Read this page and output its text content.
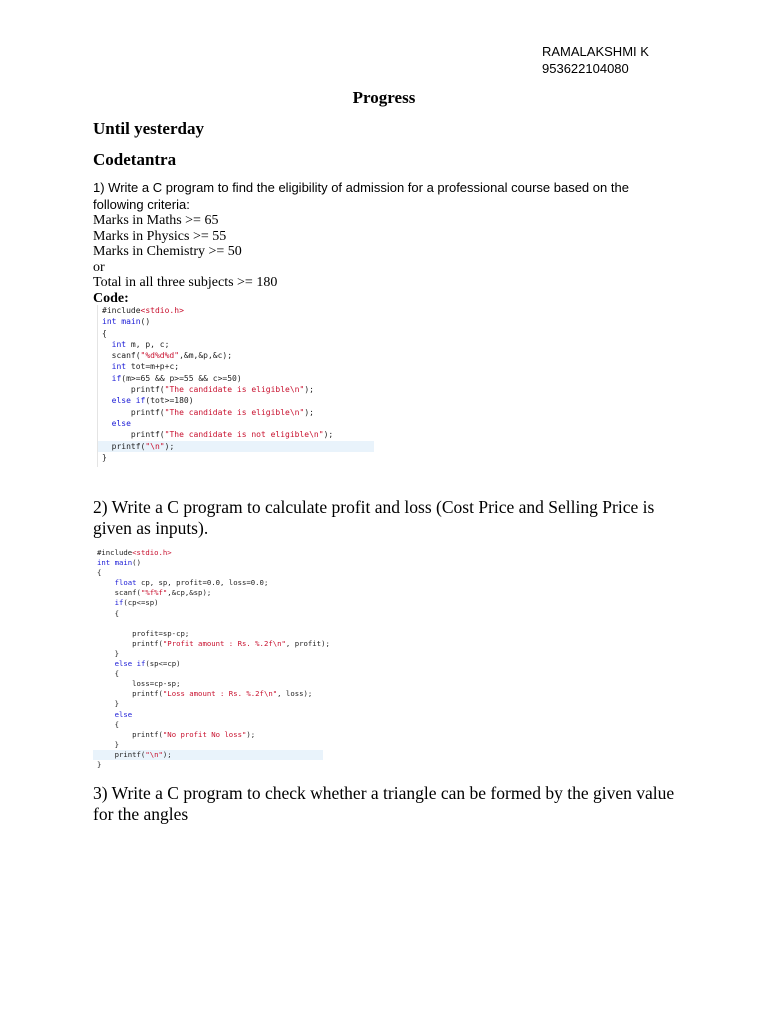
RAMALAKSHMI K
953622104080
Progress
Until yesterday
Codetantra
1) Write a C program to find the eligibility of admission for a professional course based on the following criteria:
Marks in Maths >= 65
Marks in Physics >= 55
Marks in Chemistry >= 50
or
Total in all three subjects >= 180
Code:
#include<stdio.h>
int main()
{
int m, p, c;
scanf("%d%d%d",&m,&p,&c);
int tot=m+p+c;
if(m>=65 && p>=55 && c>=50)
printf("The candidate is eligible\n");
else if(tot>=180)
printf("The candidate is eligible\n");
else
printf("The candidate is not eligible\n");
printf("\n");
}
2) Write a C program to calculate profit and loss (Cost Price and Selling Price is given as inputs).
#include<stdio.h>
int main()
{
float cp, sp, profit=0.0, loss=0.0;
scanf("%f%f",&cp,&sp);
if(cp<=sp)
{

profit=sp-cp;
printf("Profit amount : Rs. %.2f\n", profit);
}
else if(sp<=cp)
{
loss=cp-sp;
printf("Loss amount : Rs. %.2f\n", loss);
}
else
{
printf("No profit No loss");
}
printf("\n");
}
3) Write a C program to check whether a triangle can be formed by the given value for the angles
